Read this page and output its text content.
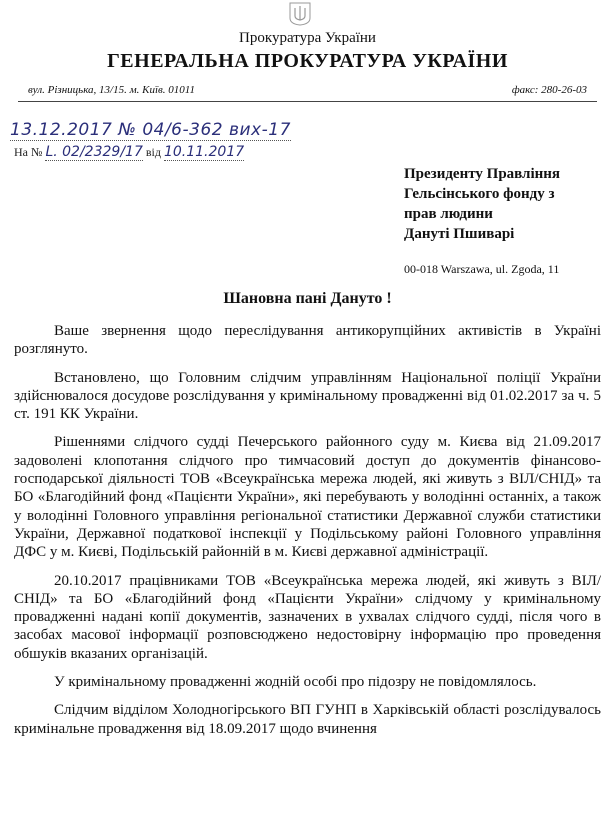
Прокуратура України
ГЕНЕРАЛЬНА ПРОКУРАТУРА УКРАЇНИ
вул. Різницька, 13/15. м. Київ. 01011	факс: 280-26-03
13.12.2017 № 04/6-362 вих-17
На № L. 02/2329/17 від 10.11.2017
Президенту Правління
Гельсінського фонду з
прав людини
Дануті Пшиварі
00-018 Warszawa, ul. Zgoda, 11
Шановна пані Дануто !

Ваше звернення щодо переслідування антикорупційних активістів в Україні розглянуто.

Встановлено, що Головним слідчим управлінням Національної поліції України здійснювалося досудове розслідування у кримінальному провадженні від 01.02.2017 за ч. 5 ст. 191 КК України.

Рішеннями слідчого судді Печерського районного суду м. Києва від 21.09.2017 задоволені клопотання слідчого про тимчасовий доступ до документів фінансово-господарської діяльності ТОВ «Всеукраїнська мережа людей, які живуть з ВІЛ/СНІД» та БО «Благодійний фонд «Пацієнти України», які перебувають у володінні останніх, а також у володінні Головного управління регіональної статистики Державної служби статистики України, Державної податкової інспекції у Подільському районі Головного управління ДФС у м. Києві, Подільській районній в м. Києві державної адміністрації.

20.10.2017 працівниками ТОВ «Всеукраїнська мережа людей, які живуть з ВІЛ/СНІД» та БО «Благодійний фонд «Пацієнти України» слідчому у кримінальному провадженні надані копії документів, зазначених в ухвалах слідчого судді, після чого в засобах масової інформації розповсюджено недостовірну інформацію про проведення обшуків вказаних організацій.

У кримінальному провадженні жодній особі про підозру не повідомлялось.

Слідчим відділом Холодногірського ВП ГУНП в Харківській області розслідувалось кримінальне провадження від 18.09.2017 щодо вчинення
